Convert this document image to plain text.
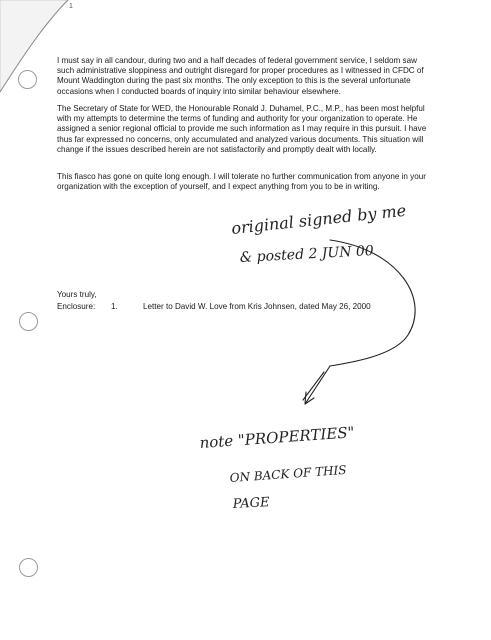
1

I must say in all candour, during two and a half decades of federal government service, I seldom saw such administrative sloppiness and outright disregard for proper procedures as I witnessed in CFDC of Mount Waddington during the past six months. The only exception to this is the several unfortunate occasions when I conducted boards of inquiry into similar behaviour elsewhere.

The Secretary of State for WED, the Honourable Ronald J. Duhamel, P.C., M.P., has been most helpful with my attempts to determine the terms of funding and authority for your organization to operate. He assigned a senior regional official to provide me such information as I may require in this pursuit. I have thus far expressed no concerns, only accumulated and analyzed various documents. This situation will change if the issues described herein are not satisfactorily and promptly dealt with locally.

This fiasco has gone on quite long enough. I will tolerate no further communication from anyone in your organization with the exception of yourself, and I expect anything from you to be in writing.

Yours truly,
Enclosure: 1.	Letter to David W. Love from Kris Johnsen, dated May 26, 2000
original signed by me
& posted 2 JUN 00
note "PROPERTIES"
ON BACK OF THIS
PAGE
